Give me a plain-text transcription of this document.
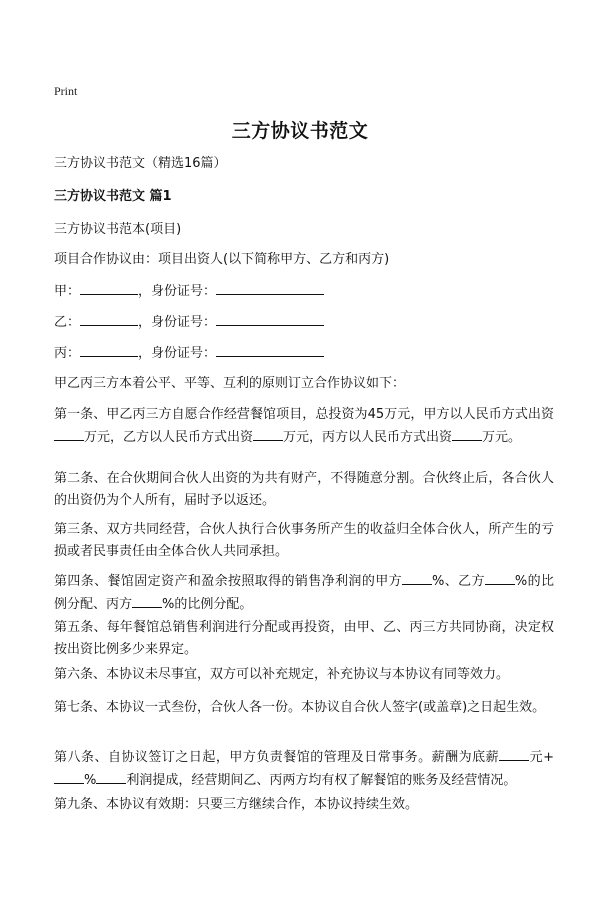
Print
三方协议书范文
三方协议书范文（精选16篇）
三方协议书范文 篇1
三方协议书范本(项目)
项目合作协议由：项目出资人(以下简称甲方、乙方和丙方)
甲：	，身份证号：
乙：	，身份证号：
丙：	，身份证号：
甲乙丙三方本着公平、平等、互利的原则订立合作协议如下：
第一条、甲乙丙三方自愿合作经营餐馆项目，总投资为45万元，甲方以人民币方式出资万元，乙方以人民币方式出资 万元，丙方以人民币方式出资 万元。
第二条、在合伙期间合伙人出资的为共有财产，不得随意分割。合伙终止后，各合伙人的出资仍为个人所有，届时予以返还。
第三条、双方共同经营，合伙人执行合伙事务所产生的收益归全体合伙人，所产生的亏损或者民事责任由全体合伙人共同承担。
第四条、餐馆固定资产和盈余按照取得的销售净利润的甲方 %、乙方 %的比例分配、丙方 %的比例分配。
第五条、每年餐馆总销售利润进行分配或再投资，由甲、乙、丙三方共同协商，决定权按出资比例多少来界定。
第六条、本协议未尽事宜，双方可以补充规定，补充协议与本协议有同等效力。
第七条、本协议一式叁份，合伙人各一份。本协议自合伙人签字(或盖章)之日起生效。
第八条、自协议签订之日起，甲方负责餐馆的管理及日常事务。薪酬为底薪 元+% 利润提成，经营期间乙、丙两方均有权了解餐馆的账务及经营情况。
第九条、本协议有效期：只要三方继续合作，本协议持续生效。
